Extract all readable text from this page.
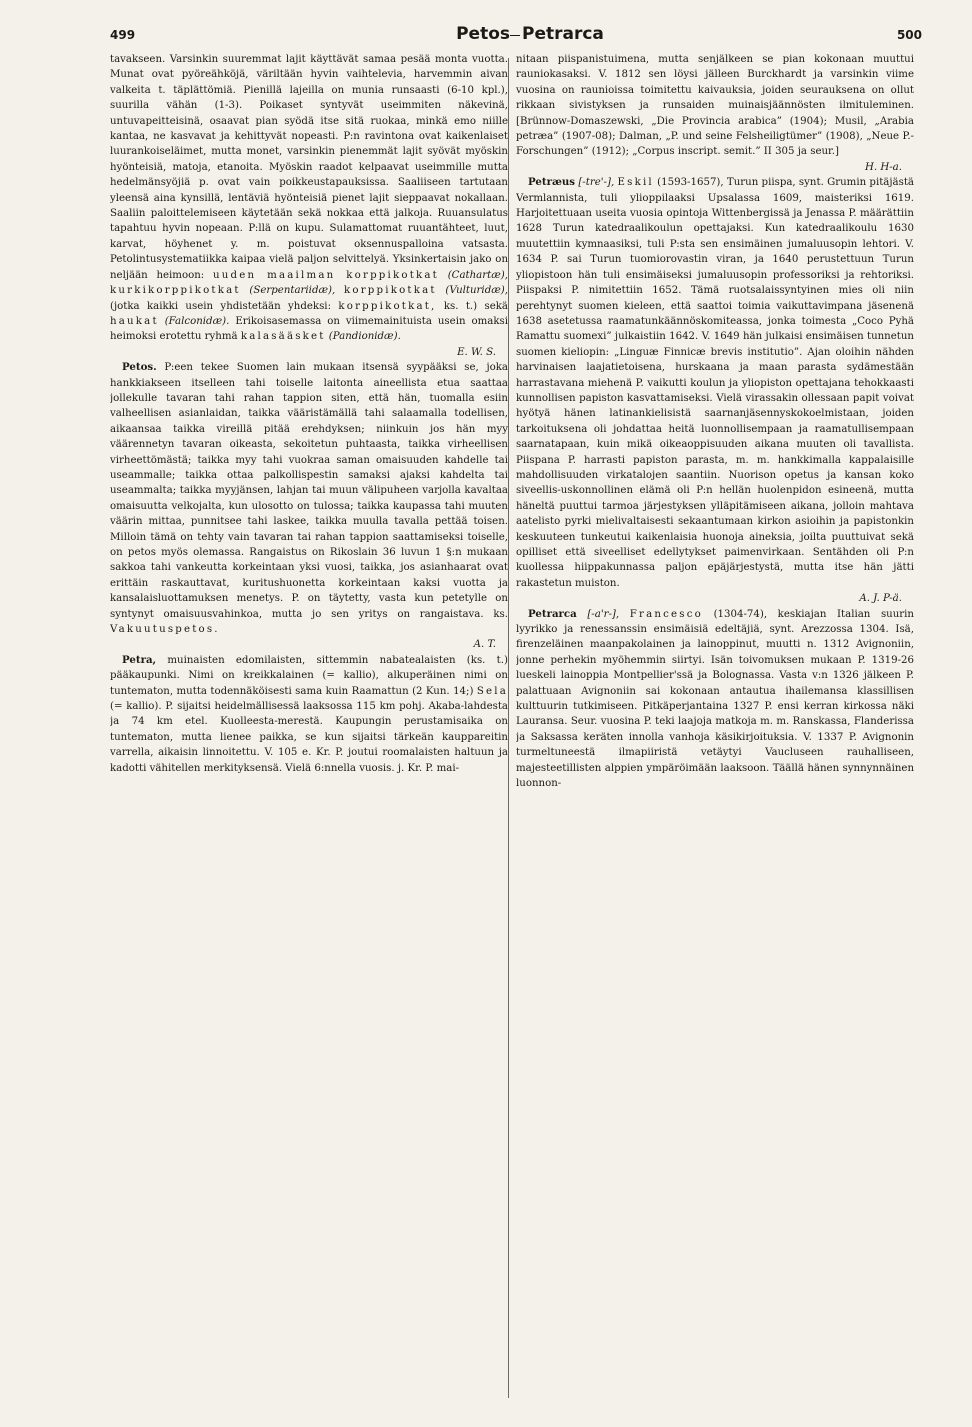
499	Petos Petrarca	500

tavakseen. Varsinkin suuremmat lajit käyttävät samaa pesää monta vuotta. Munat ovat pyöreähköjä, väriltään hyvin vaihtelevia, harvemmin aivan valkeita t. täplättömiä. Pienillä lajeilla on munia runsaasti (6-10 kpl.), suurilla vähän (1-3). Poikaset syntyvät useimmiten näkevinä, untuvapeitteisinä, osaavat pian syödä itse sitä ruokaa, minkä emo niille kantaa, ne kasvavat ja kehittyvät nopeasti. P:n ravintona ovat kaikenlaiset luurankoiseläimet, mutta monet, varsinkin pienemmät lajit syövät myöskin hyönteisiä, matoja, etanoita. Myöskin raadot kelpaavat useimmille mutta hedelmänsyöjiä p. ovat vain poikkeustapauksissa. Saaliiseen tartutaan yleensä aina kynsillä, lentäviä hyönteisiä pienet lajit sieppaavat nokallaan. Saaliin paloittelemiseen käytetään sekä nokkaa että jalkoja. Ruuansulatus tapahtuu hyvin nopeaan. P:llä on kupu. Sulamattomat ruuantähteet, luut, karvat, höyhenet y. m. poistuvat oksennuspalloina vatsasta. Petolintusystematiikka kaipaa vielä paljon selvittelyä. Yksinkertaisin jako on neljään heimoon: uuden maailman korppikotkat (Cathartæ), kurkikorppikotkat (Serpentariidæ), korppikotkat (Vulturidæ), (jotka kaikki usein yhdistetään yhdeksi: korppikotkat, ks. t.) sekä haukat (Falconidæ). Erikoisasemassa on viimemainituista usein omaksi heimoksi erotettu ryhmä kalasääsket (Pandionidæ).

E. W. S.

Petos. P:een tekee Suomen lain mukaan itsensä syypääksi se, joka hankkiakseen itselleen tahi toiselle laitonta aineellista etua saattaa jollekulle tavaran tahi rahan tappion siten, että hän, tuomalla esiin valheellisen asianlaidan, taikka vääristämällä tahi salaamalla todellisen, aikaansaa taikka vireillä pitää erehdyksen; niinkuin jos hän myy väärennetyn tavaran oikeasta, sekoitetun puhtaasta, taikka virheellisen virheettömästä; taikka myy tahi vuokraa saman omaisuuden kahdelle tai useammalle; taikka ottaa palkollispestin samaksi ajaksi kahdelta tai useammalta; taikka myyjänsen, lahjan tai muun välipuheen varjolla kavaltaa omaisuutta velkojalta, kun ulosotto on tulossa; taikka kaupassa tahi muuten väärin mittaa, punnitsee tahi laskee, taikka muulla tavalla pettää toisen. Milloin tämä on tehty vain tavaran tai rahan tappion saattamiseksi toiselle, on petos myös olemassa. Rangaistus on Rikoslain 36 luvun 1 §:n mukaan sakkoa tahi vankeutta korkeintaan yksi vuosi, taikka, jos asianhaarat ovat erittäin raskauttavat, kuritushuonetta korkeintaan kaksi vuotta ja kansalaisluottamuksen menetys. P. on täytetty, vasta kun petetylle on syntynyt omaisuusvahinkoa, mutta jo sen yritys on rangaistava. ks. Vakuutuspetos.

A. T.

Petra, muinaisten edomilaisten, sittemmin nabatealaisten (ks. t.) pääkaupunki. Nimi on kreikkalainen (= kallio), alkuperäinen nimi on tuntematon, mutta todennäköisesti sama kuin Raamattun (2 Kun. 14;) Sela (= kallio). P. sijaitsi heidelmällisessä laaksossa 115 km pohj. Akaba-lahdesta ja 74 km etel. Kuolleesta-merestä. Kaupungin perustamisaika on tuntematon, mutta lienee paikka, se kun sijaitsi tärkeän kauppareitin varrella, aikaisin linnoitettu. V. 105 e. Kr. P. joutui roomalaisten haltuun ja kadotti vähitellen merkityksensä. Vielä 6:nnella vuosis. j. Kr. P. mai-

nitaan piispanistuimena, mutta senjälkeen se pian kokonaan muuttui rauniokasaksi. V. 1812 sen löysi jälleen Burckhardt ja varsinkin viime vuosina on raunioissa toimitettu kaivauksia, joiden seurauksena on ollut rikkaan sivistyksen ja runsaiden muinaisjäännösten ilmituleminen. [Brünnow-Domaszewski, „Die Provincia arabica” (1904); Musil, „Arabia petræa” (1907-08); Dalman, „P. und seine Felsheiligtümer” (1908), „Neue P.-Forschungen” (1912); „Corpus inscript. semit.” II 305 ja seur.]

H. H-a.

Petræus [-tre'-], Eskil (1593-1657), Turun piispa, synt. Grumin pitäjästä Vermlannista, tuli ylioppilaaksi Upsalassa 1609, maisteriksi 1619. Harjoitettuaan useita vuosia opintoja Wittenbergissä ja Jenassa P. määrättiin 1628 Turun katedraalikoulun opettajaksi. Kun katedraalikoulu 1630 muutettiin kymnaasiksi, tuli P:sta sen ensimäinen jumaluusopin lehtori. V. 1634 P. sai Turun tuomiorovastin viran, ja 1640 perustettuun Turun yliopistoon hän tuli ensimäiseksi jumaluusopin professoriksi ja rehtoriksi. Piispaksi P. nimitettiin 1652. Tämä ruotsalaissyntyinen mies oli niin perehtynyt suomen kieleen, että saattoi toimia vaikuttavimpana jäsenenä 1638 asetetussa raamatunkäännöskomiteassa, jonka toimesta „Coco Pyhä Ramattu suomexi” julkaistiin 1642. V. 1649 hän julkaisi ensimäisen tunnetun suomen kieliopin: „Linguæ Finnicæ brevis institutio”. Ajan oloihin nähden harvinaisen laajatietoisena, hurskaana ja maan parasta sydämestään harrastavana miehenä P. vaikutti koulun ja yliopiston opettajana tehokkaasti kunnollisen papiston kasvattamiseksi. Vielä virassakin ollessaan papit voivat hyötyä hänen latinankielisistä saarnanjäsennyskokoelmistaan, joiden tarkoituksena oli johdattaa heitä luonnollisempaan ja raamatullisempaan saarnatapaan, kuin mikä oikeaoppisuuden aikana muuten oli tavallista. Piispana P. harrasti papiston parasta, m. m. hankkimalla kappalaisille mahdollisuuden virkatalojen saantiin. Nuorison opetus ja kansan koko siveellis-uskonnollinen elämä oli P:n hellän huolenpidon esineenä, mutta häneltä puuttui tarmoa järjestyksen ylläpitämiseen aikana, jolloin mahtava aatelisto pyrki mielivaltaisesti sekaantumaan kirkon asioihin ja papistonkin keskuuteen tunkeutui kaikenlaisia huonoja aineksia, joilta puuttuivat sekä opilliset että siveelliset edellytykset paimenvirkaan. Sentähden oli P:n kuollessa hiippakunnassa paljon epäjärjestystä, mutta itse hän jätti rakastetun muiston.

A. J. P-ä.

Petrarca [-a'r-], Francesco (1304-74), keskiajan Italian suurin lyyrikko ja renessanssin ensimäisiä edeltäjiä, synt. Arezzossa 1304. Isä, firenzeläinen maanpakolainen ja lainoppinut, muutti n. 1312 Avignoniin, jonne perhekin myöhemmin siirtyi. Isän toivomuksen mukaan P. 1319-26 lueskeli lainoppia Montpellier'ssä ja Bolognassa. Vasta v:n 1326 jälkeen P. palattuaan Avignoniin sai kokonaan antautua ihailemansa klassillisen kulttuurin tutkimiseen. Pitkäperjantaina 1327 P. ensi kerran kirkossa näki Lauransa. Seur. vuosina P. teki laajoja matkoja m. m. Ranskassa, Flanderissa ja Saksassa keräten innolla vanhoja käsikirjoituksia. V. 1337 P. Avignonin turmeltuneestä ilmapiiristä vetäytyi Vaucluseen rauhalliseen, majesteetillisten alppien ympäröimään laaksoon. Täällä hänen synnynnäinen luonnon-
